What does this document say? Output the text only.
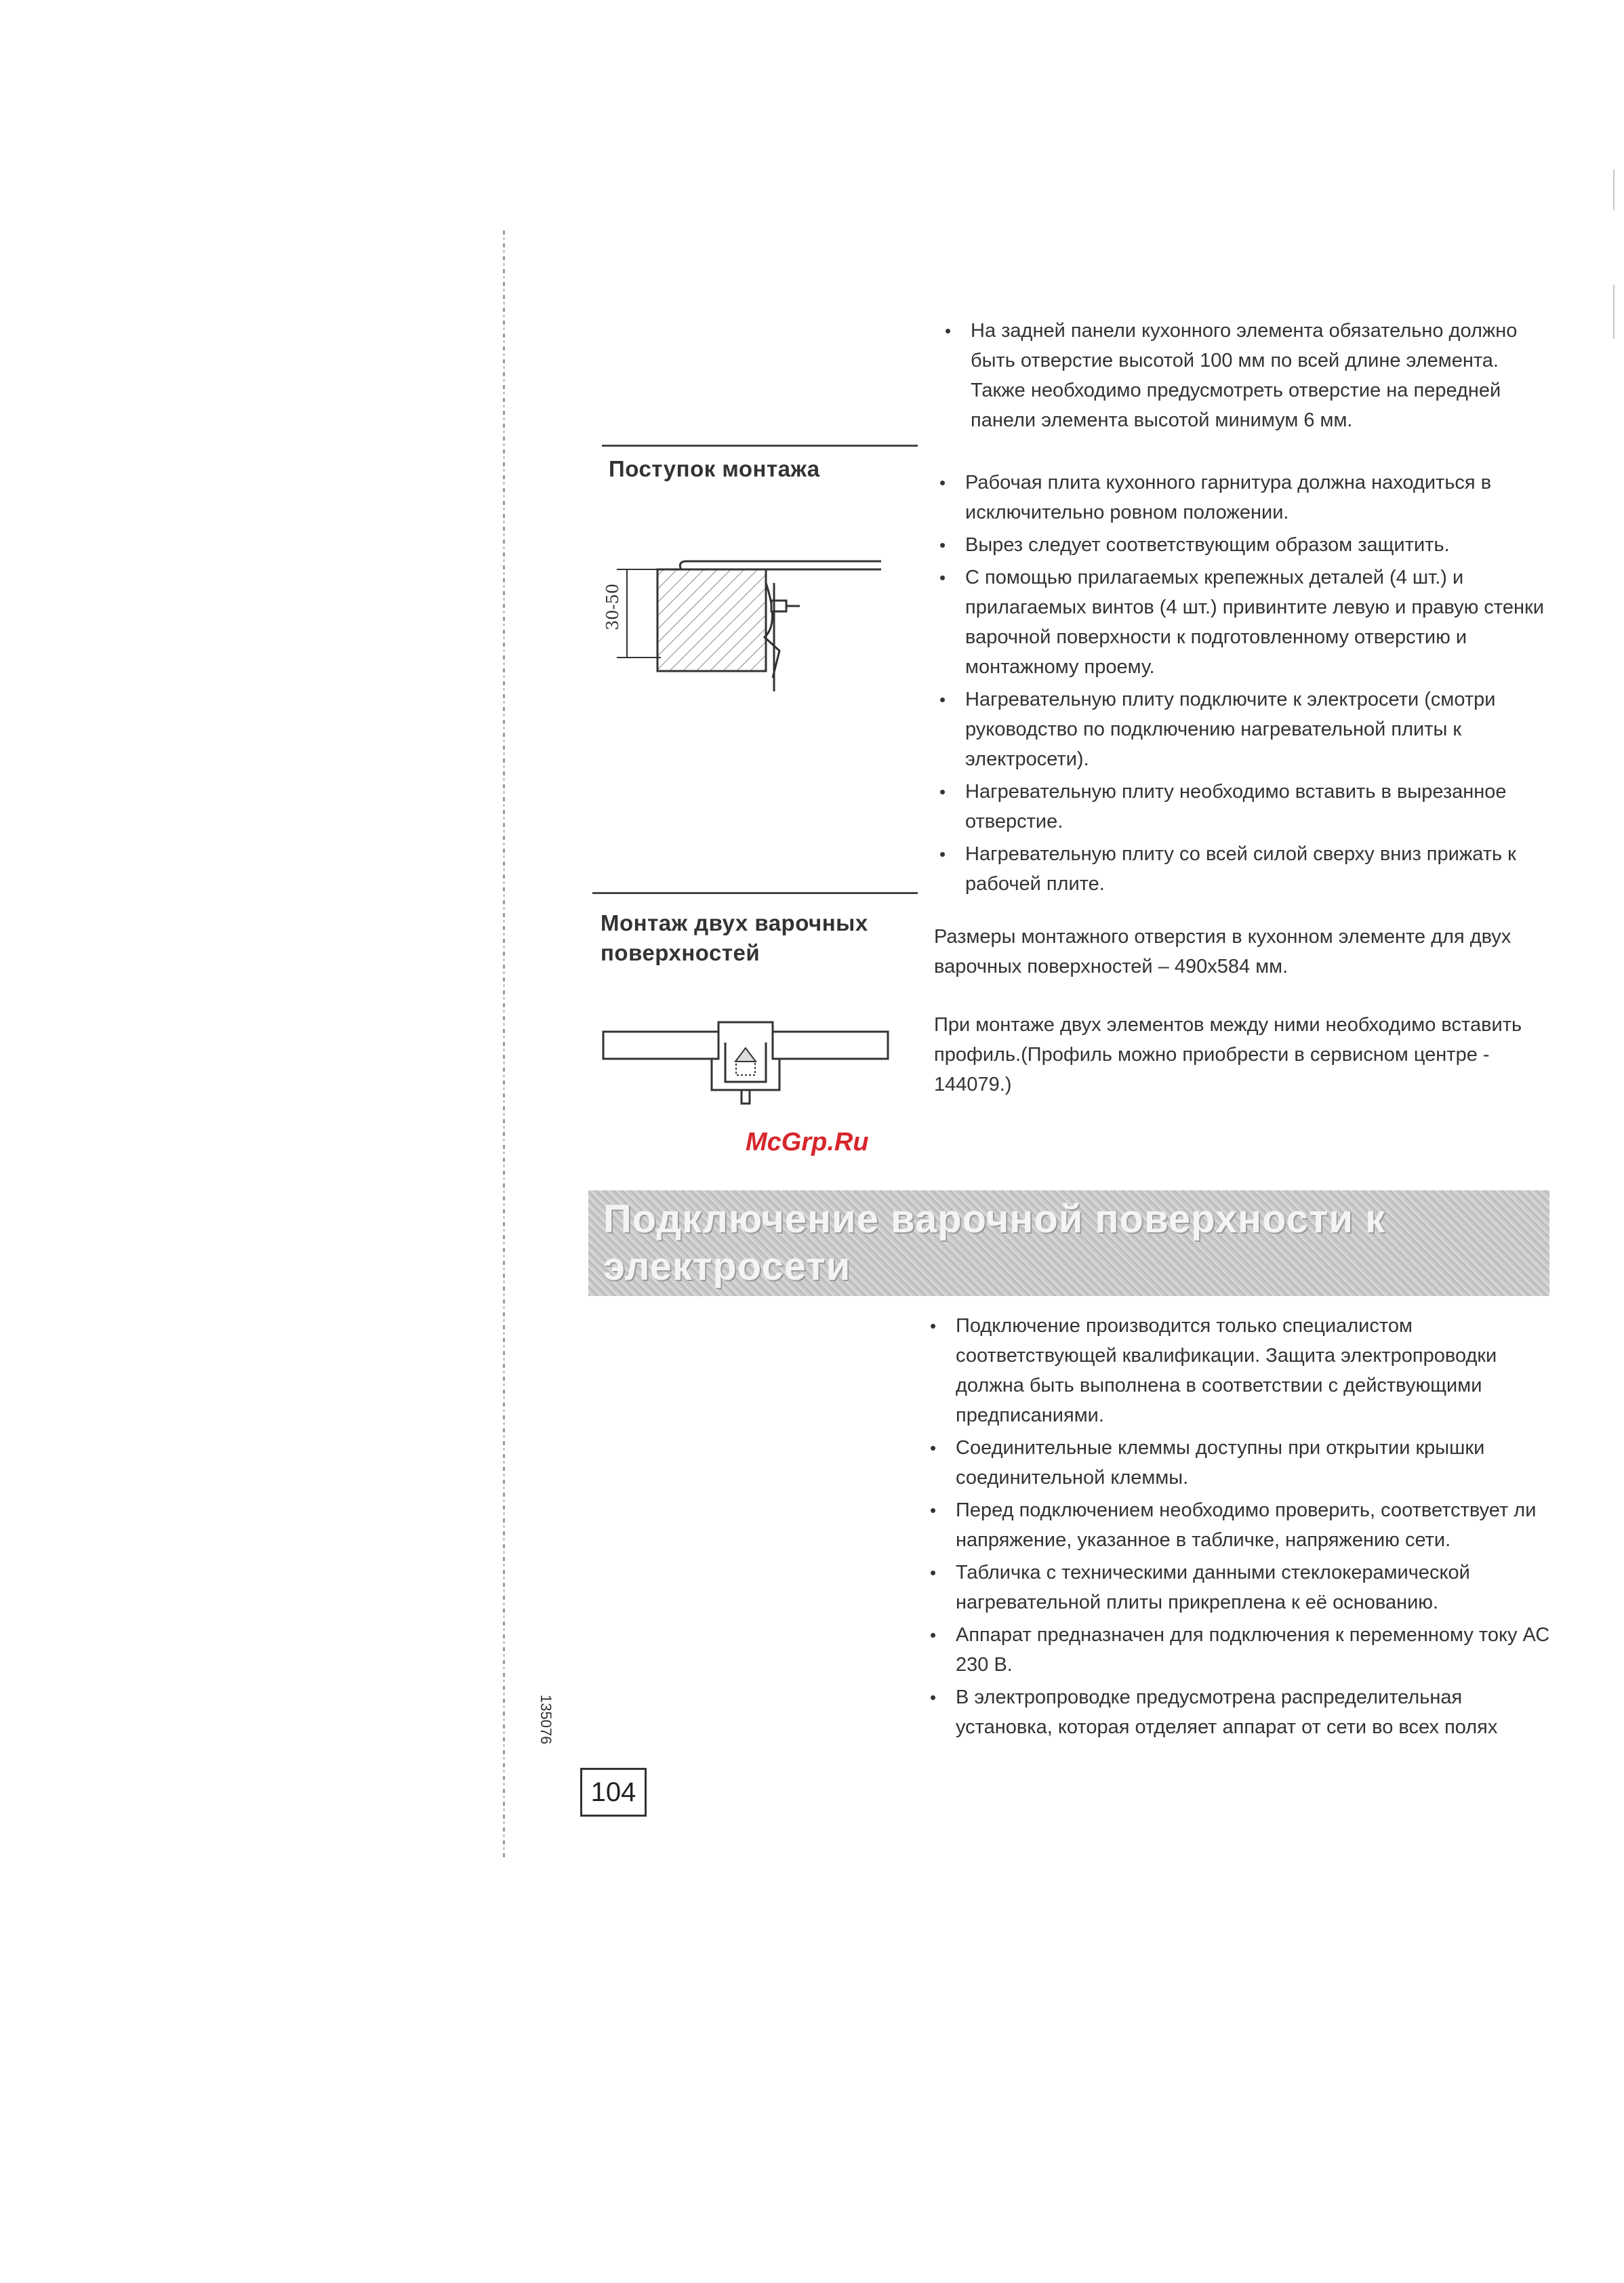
• На задней панели кухонного элемента обязательно должно быть отверстие высотой 100 мм по всей длине элемента. Также необходимо предусмотреть отверстие на передней панели элемента высотой минимум 6 мм.
Поступок монтажа
30-50
• Рабочая плита кухонного гарнитура должна находиться в исключительно ровном положении.
• Вырез следует соответствующим образом защитить.
• С помощью прилагаемых крепежных деталей (4 шт.) и прилагаемых винтов (4 шт.) привинтите левую и правую стенки варочной поверхности к подготовленному отверстию и монтажному проему.
• Нагревательную плиту подключите к электросети (смотри руководство по подключению нагревательной плиты к электросети).
• Нагревательную плиту необходимо вставить в вырезанное отверстие.
• Нагревательную плиту со всей силой сверху вниз прижать к рабочей плите.
Монтаж двух варочных поверхностей

Размеры монтажного отверстия в кухонном элементе для двух варочных поверхностей – 490x584 мм.

При монтаже двух элементов между ними необходимо вставить профиль.(Профиль можно приобрести в сервисном центре - 144079.)

McGrp.Ru

Подключение варочной поверхности к электросети

• Подключение производится только специалистом соответствующей квалификации. Защита электропроводки должна быть выполнена в соответствии с действующими предписаниями.
• Соединительные клеммы доступны при открытии крышки соединительной клеммы.
• Перед подключением необходимо проверить, соответствует ли напряжение, указанное в табличке, напряжению сети.
• Табличка с техническими данными стеклокерамической нагревательной плиты прикреплена к её основанию.
• Аппарат предназначен для подключения к переменному току АС 230 В.
• В электропроводке предусмотрена распределительная установка, которая отделяет аппарат от сети во всех полях
135076
104
